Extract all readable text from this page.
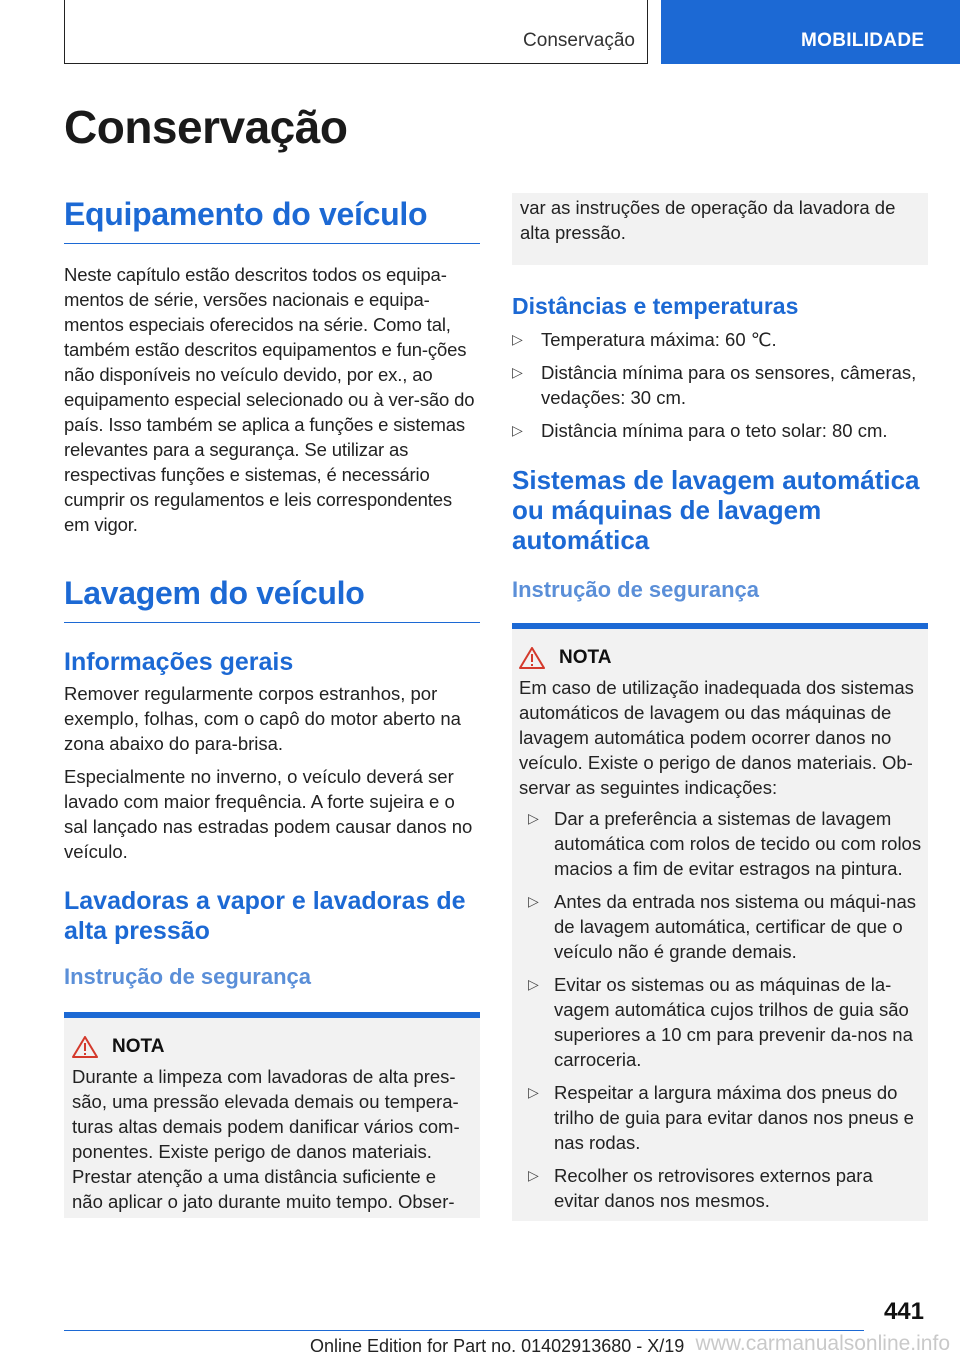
Conservação	MOBILIDADE
Conservação
Equipamento do veículo

Neste capítulo estão descritos todos os equipa-mentos de série, versões nacionais e equipa-mentos especiais oferecidos na série. Como tal, também estão descritos equipamentos e fun-ções não disponíveis no veículo devido, por ex., ao equipamento especial selecionado ou à ver-são do país. Isso também se aplica a funções e sistemas relevantes para a segurança. Se utilizar as respectivas funções e sistemas, é necessário cumprir os regulamentos e leis correspondentes em vigor.

Lavagem do veículo
Informações gerais

Remover regularmente corpos estranhos, por exemplo, folhas, com o capô do motor aberto na zona abaixo do para-brisa.

Especialmente no inverno, o veículo deverá ser lavado com maior frequência. A forte sujeira e o sal lançado nas estradas podem causar danos no veículo.

Lavadoras a vapor e lavadoras de alta pressão
Instrução de segurança
NOTA

Durante a limpeza com lavadoras de alta pres-são, uma pressão elevada demais ou tempera-turas altas demais podem danificar vários com-ponentes. Existe perigo de danos materiais. Prestar atenção a uma distância suficiente e não aplicar o jato durante muito tempo. Obser-

var as instruções de operação da lavadora de alta pressão.

Distâncias e temperaturas
▷ Temperatura máxima: 60 ℃.
▷ Distância mínima para os sensores, câmeras, vedações: 30 cm.
▷ Distância mínima para o teto solar: 80 cm.
Sistemas de lavagem automática ou máquinas de lavagem automática
Instrução de segurança
NOTA

Em caso de utilização inadequada dos sistemas automáticos de lavagem ou das máquinas de lavagem automática podem ocorrer danos no veículo. Existe o perigo de danos materiais. Ob-servar as seguintes indicações:

▷ Dar a preferência a sistemas de lavagem automática com rolos de tecido ou com rolos macios a fim de evitar estragos na pintura.
▷ Antes da entrada nos sistema ou máqui-nas de lavagem automática, certificar de que o veículo não é grande demais.
▷ Evitar os sistemas ou as máquinas de la-vagem automática cujos trilhos de guia são superiores a 10 cm para prevenir da-nos na carroceria.
▷ Respeitar a largura máxima dos pneus do trilho de guia para evitar danos nos pneus e nas rodas.
▷ Recolher os retrovisores externos para evitar danos nos mesmos.
441
Online Edition for Part no. 01402913680 - X/19 www.carmanualsonline.info
